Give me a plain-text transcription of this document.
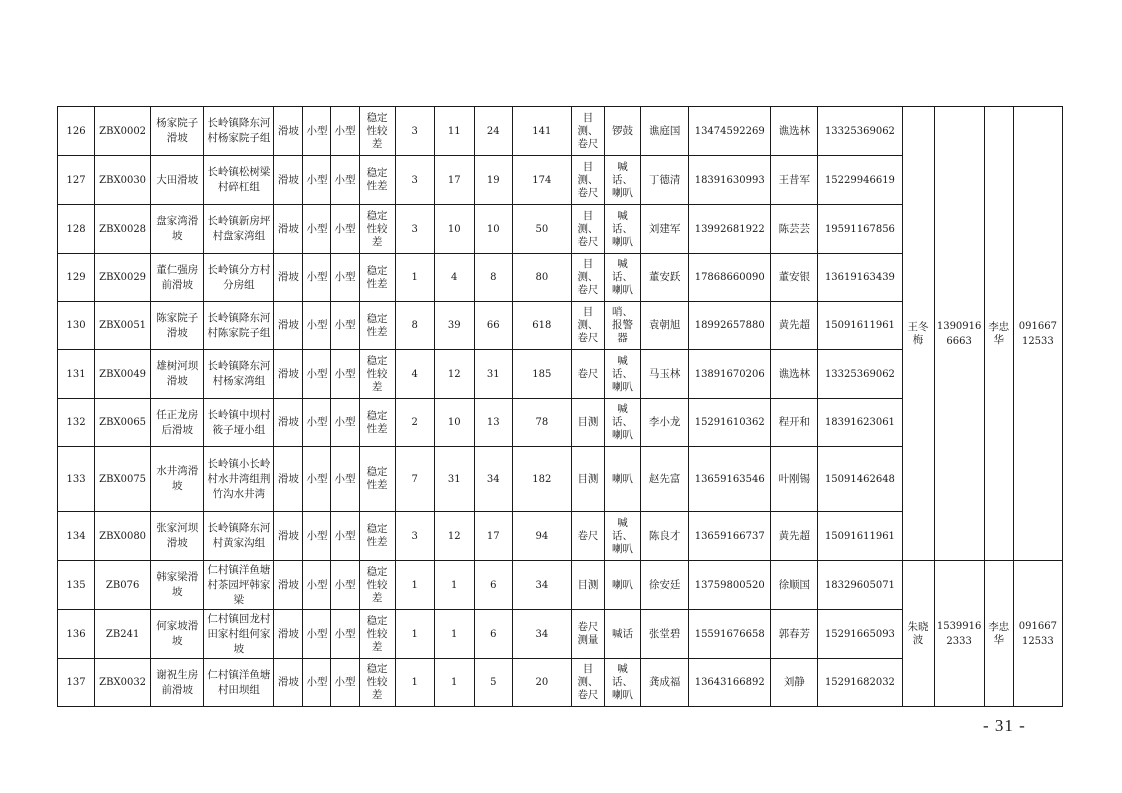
126	ZBX0002	杨家院子滑坡	长岭镇降东河村杨家院子组	滑坡	小型	小型	稳定性较差	3	11	24	141	目测、卷尺	锣鼓	谯庭国	13474592269	谯选林	13325369062	王冬梅	13909166663	李忠华	09166712533
127	ZBX0030	大田滑坡	长岭镇松树梁村碎杠组	滑坡	小型	小型	稳定性差	3	17	19	174	目测、卷尺	喊话、喇叭	丁德清	18391630993	王昔军	15229946619				
128	ZBX0028	盘家湾滑坡	长岭镇新房坪村盘家湾组	滑坡	小型	小型	稳定性较差	3	10	10	50	目测、卷尺	喊话、喇叭	刘建军	13992681922	陈芸芸	19591167856				
129	ZBX0029	董仁强房前滑坡	长岭镇分方村分房组	滑坡	小型	小型	稳定性差	1	4	8	80	目测、卷尺	喊话、喇叭	董安跃	17868660090	董安银	13619163439				
130	ZBX0051	陈家院子滑坡	长岭镇降东河村陈家院子组	滑坡	小型	小型	稳定性差	8	39	66	618	目测、卷尺	哨、报警器	袁朝旭	18992657880	黄先超	15091611961				
131	ZBX0049	雄树河坝滑坡	长岭镇降东河村杨家湾组	滑坡	小型	小型	稳定性较差	4	12	31	185	卷尺	喊话、喇叭	马玉林	13891670206	谯选林	13325369062				
132	ZBX0065	任正龙房后滑坡	长岭镇中坝村筱子垭小组	滑坡	小型	小型	稳定性差	2	10	13	78	目测	喊话、喇叭	李小龙	15291610362	程开和	18391623061				
133	ZBX0075	水井湾滑坡	长岭镇小长岭村水井湾组荆竹沟水井湾	滑坡	小型	小型	稳定性差	7	31	34	182	目测	喇叭	赵先富	13659163546	叶刚锡	15091462648				
134	ZBX0080	张家河坝滑坡	长岭镇降东河村黄家沟组	滑坡	小型	小型	稳定性差	3	12	17	94	卷尺	喊话、喇叭	陈良才	13659166737	黄先超	15091611961				
135	ZB076	韩家梁滑坡	仁村镇洋鱼塘村茶园坪韩家梁	滑坡	小型	小型	稳定性较差	1	1	6	34	目测	喇叭	徐安廷	13759800520	徐顺国	18329605071	朱晓波	15399162333	李忠华	09166712533
136	ZB241	何家坡滑坡	仁村镇回龙村田家村组何家坡	滑坡	小型	小型	稳定性较差	1	1	6	34	卷尺测量	喊话	张堂碧	15591676658	郭春芳	15291665093				
137	ZBX0032	谢祝生房前滑坡	仁村镇洋鱼塘村田坝组	滑坡	小型	小型	稳定性较差	1	1	5	20	目测、卷尺	喊话、喇叭	龚成福	13643166892	刘静	15291682032				
- 31 -
